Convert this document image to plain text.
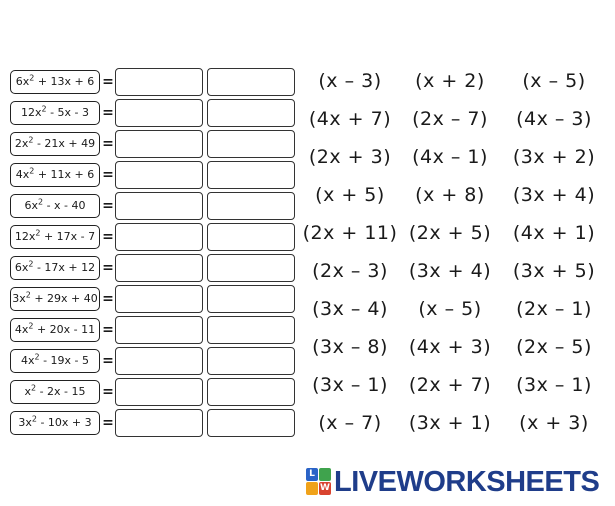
$6x^2 + 13x + 6$ =
$12x^2 - 5x - 3$ =
$2x^2 - 21x + 49$ =
$4x^2 + 11x + 6$ =
$6x^2$ - x - 40	=
$12x^2 + 17x - 7$ =
$6x^2 - 17x + 12$ =
$3x^2 + 29x + 40$ =
$4x^2 + 20x - 11$ =
$4x^2 - 19x - 5$ =
$x^2 - 2x - 15$	=
$3x^2 - 10x + 3$ =
(x – 3)	(x + 2)	(x – 5)
(4x + 7)	(2x – 7)	(4x – 3)
(2x + 3)	(4x – 1)	(3x + 2)
(x + 5)	(x + 8)	(3x + 4)
(2x + 11) (2x + 5)	(4x + 1)
(2x – 3)	(3x + 4)	(3x + 5)
(3x – 4)	(x – 5)	(2x – 1)
(3x – 8)	(4x + 3)	(2x – 5)
(3x – 1)	(2x + 7)	(3x – 1)
(x – 7)	(3x + 1)	(x + 3)
L
W LIVEWORKSHEETS
